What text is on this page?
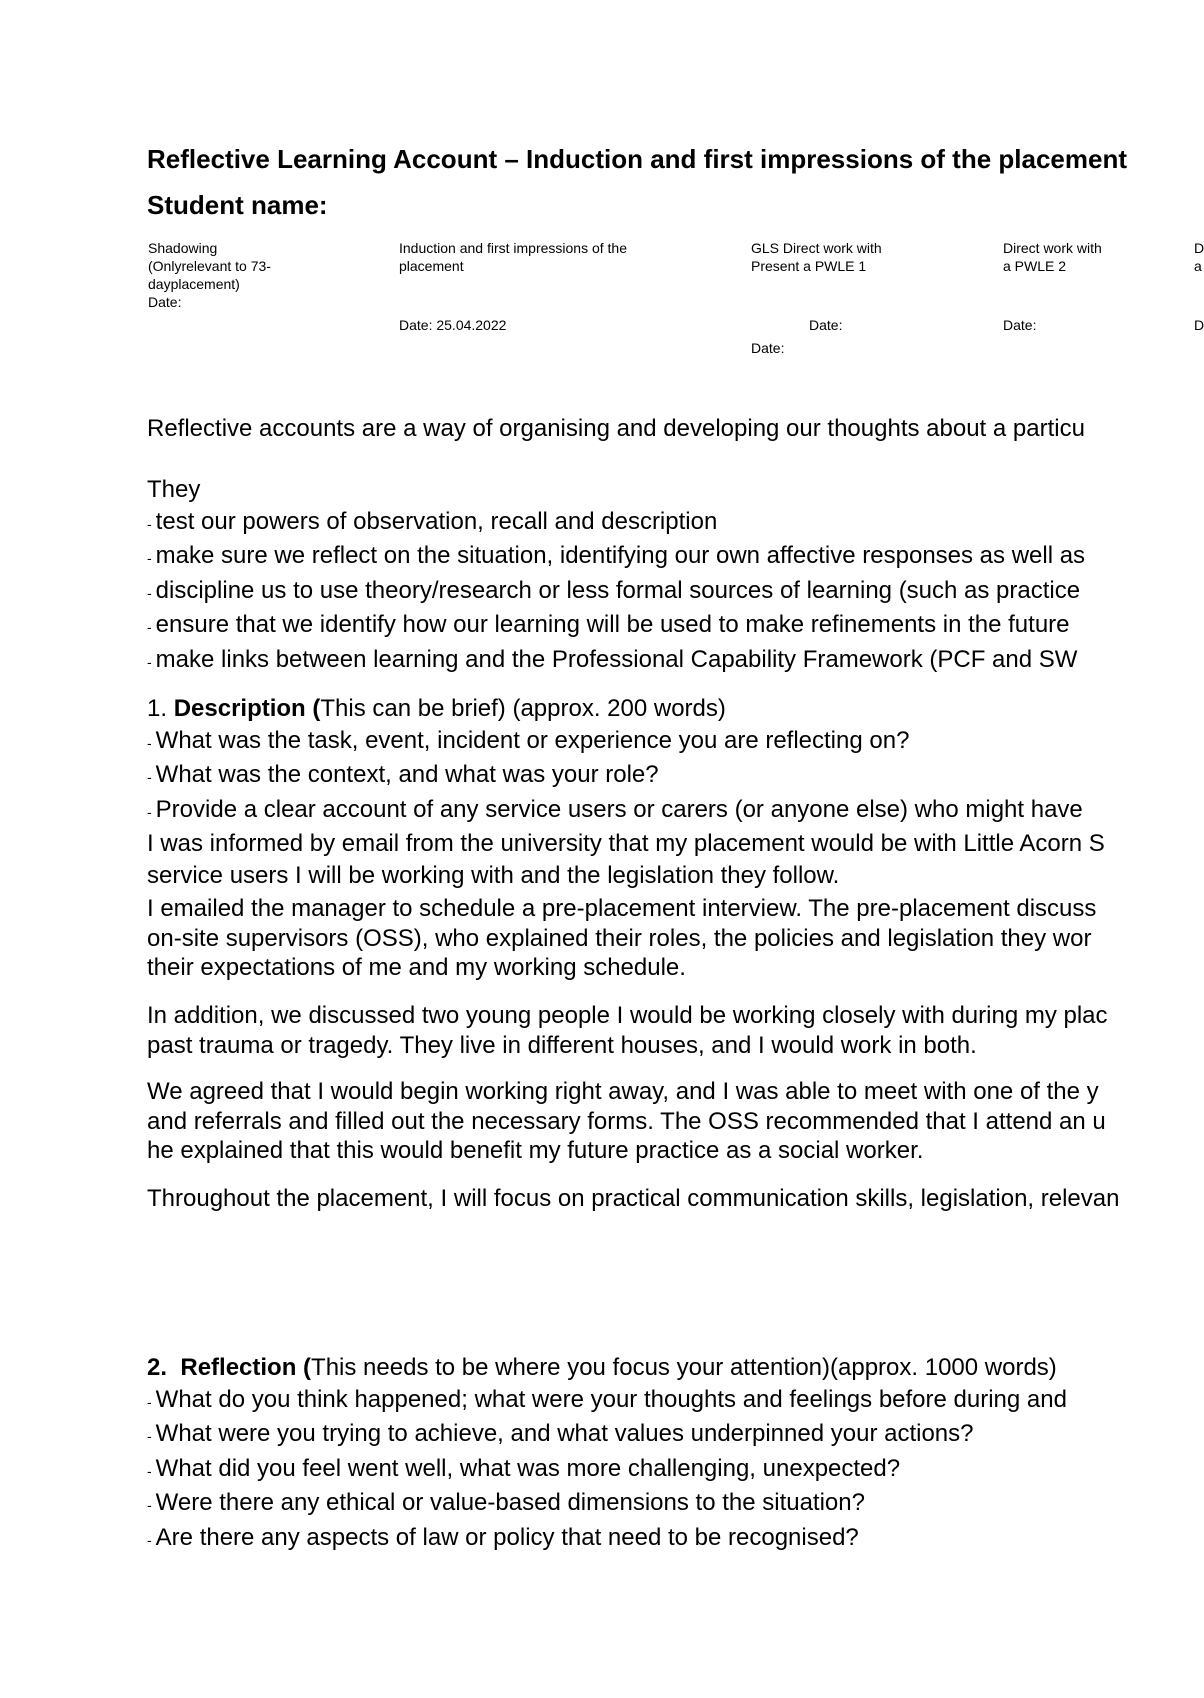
Reflective Learning Account – Induction and first impressions of the placement
Student name:
Shadowing
(Onlyrelevant to 73-
dayplacement)
Date:
Induction and first impressions of the
placement
Date: 25.04.2022
GLS Direct work with
Present a PWLE 1
Date:
Date:
Direct work with
a PWLE 2
Date:
D
a
D
Reflective accounts are a way of organising and developing our thoughts about a particu
They
- test our powers of observation, recall and description
- make sure we reflect on the situation, identifying our own affective responses as well as
- discipline us to use theory/research or less formal sources of learning (such as practice
- ensure that we identify how our learning will be used to make refinements in the future
- make links between learning and the Professional Capability Framework (PCF and SW
1. Description (This can be brief) (approx. 200 words)
- What was the task, event, incident or experience you are reflecting on?
- What was the context, and what was your role?
- Provide a clear account of any service users or carers (or anyone else) who might have
I was informed by email from the university that my placement would be with Little Acorn S
service users I will be working with and the legislation they follow.
I emailed the manager to schedule a pre-placement interview. The pre-placement discuss
on-site supervisors (OSS), who explained their roles, the policies and legislation they wor
their expectations of me and my working schedule.
In addition, we discussed two young people I would be working closely with during my plac
past trauma or tragedy. They live in different houses, and I would work in both.
We agreed that I would begin working right away, and I was able to meet with one of the y
and referrals and filled out the necessary forms. The OSS recommended that I attend an u
he explained that this would benefit my future practice as a social worker.
Throughout the placement, I will focus on practical communication skills, legislation, relevan
2. Reflection (This needs to be where you focus your attention)(approx. 1000 words)
- What do you think happened; what were your thoughts and feelings before during and
- What were you trying to achieve, and what values underpinned your actions?
- What did you feel went well, what was more challenging, unexpected?
- Were there any ethical or value-based dimensions to the situation?
- Are there any aspects of law or policy that need to be recognised?
